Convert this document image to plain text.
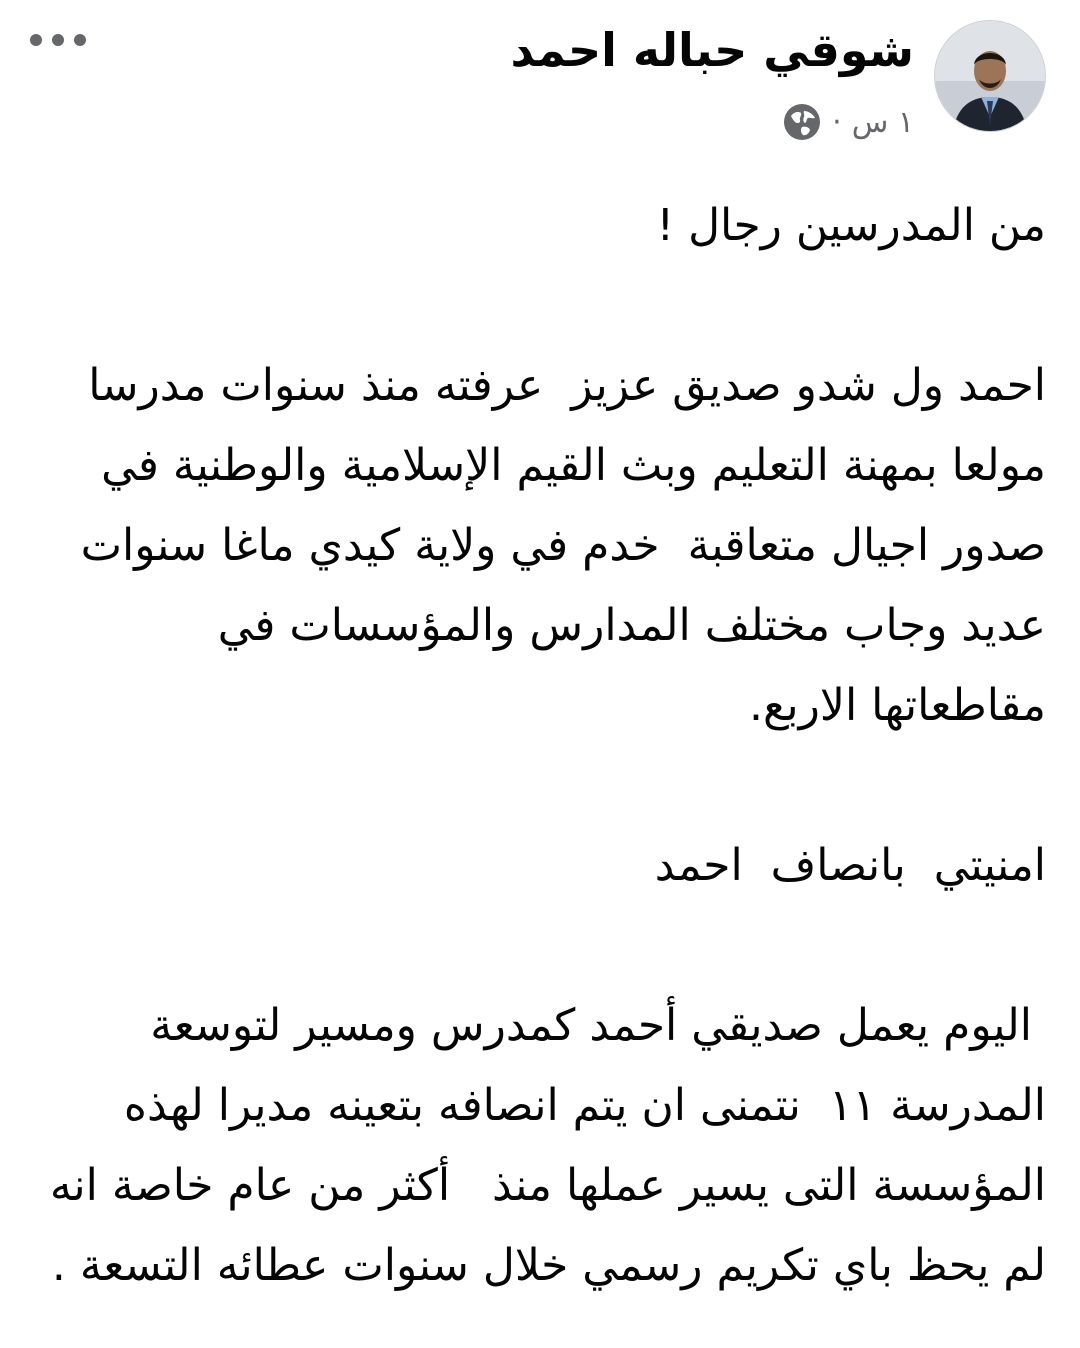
شوقي حباله احمد
١ س
·

من المدرسين رجال !

احمد ول شدو صديق عزيز  عرفته منذ سنوات مدرسا مولعا بمهنة التعليم وبث القيم الإسلامية والوطنية في صدور اجيال متعاقبة  خدم في ولاية كيدي ماغا سنوات عديد وجاب مختلف المدارس والمؤسسات في مقاطعاتها الاربع.

امنيتي  بانصاف  احمد

اليوم يعمل صديقي أحمد كمدرس ومسير لتوسعة المدرسة ١١  نتمنى ان يتم انصافه بتعينه مديرا لهذه المؤسسة التى يسير عملها منذ   أكثر من عام خاصة انه لم يحظ باي تكريم رسمي خلال سنوات عطائه التسعة .
